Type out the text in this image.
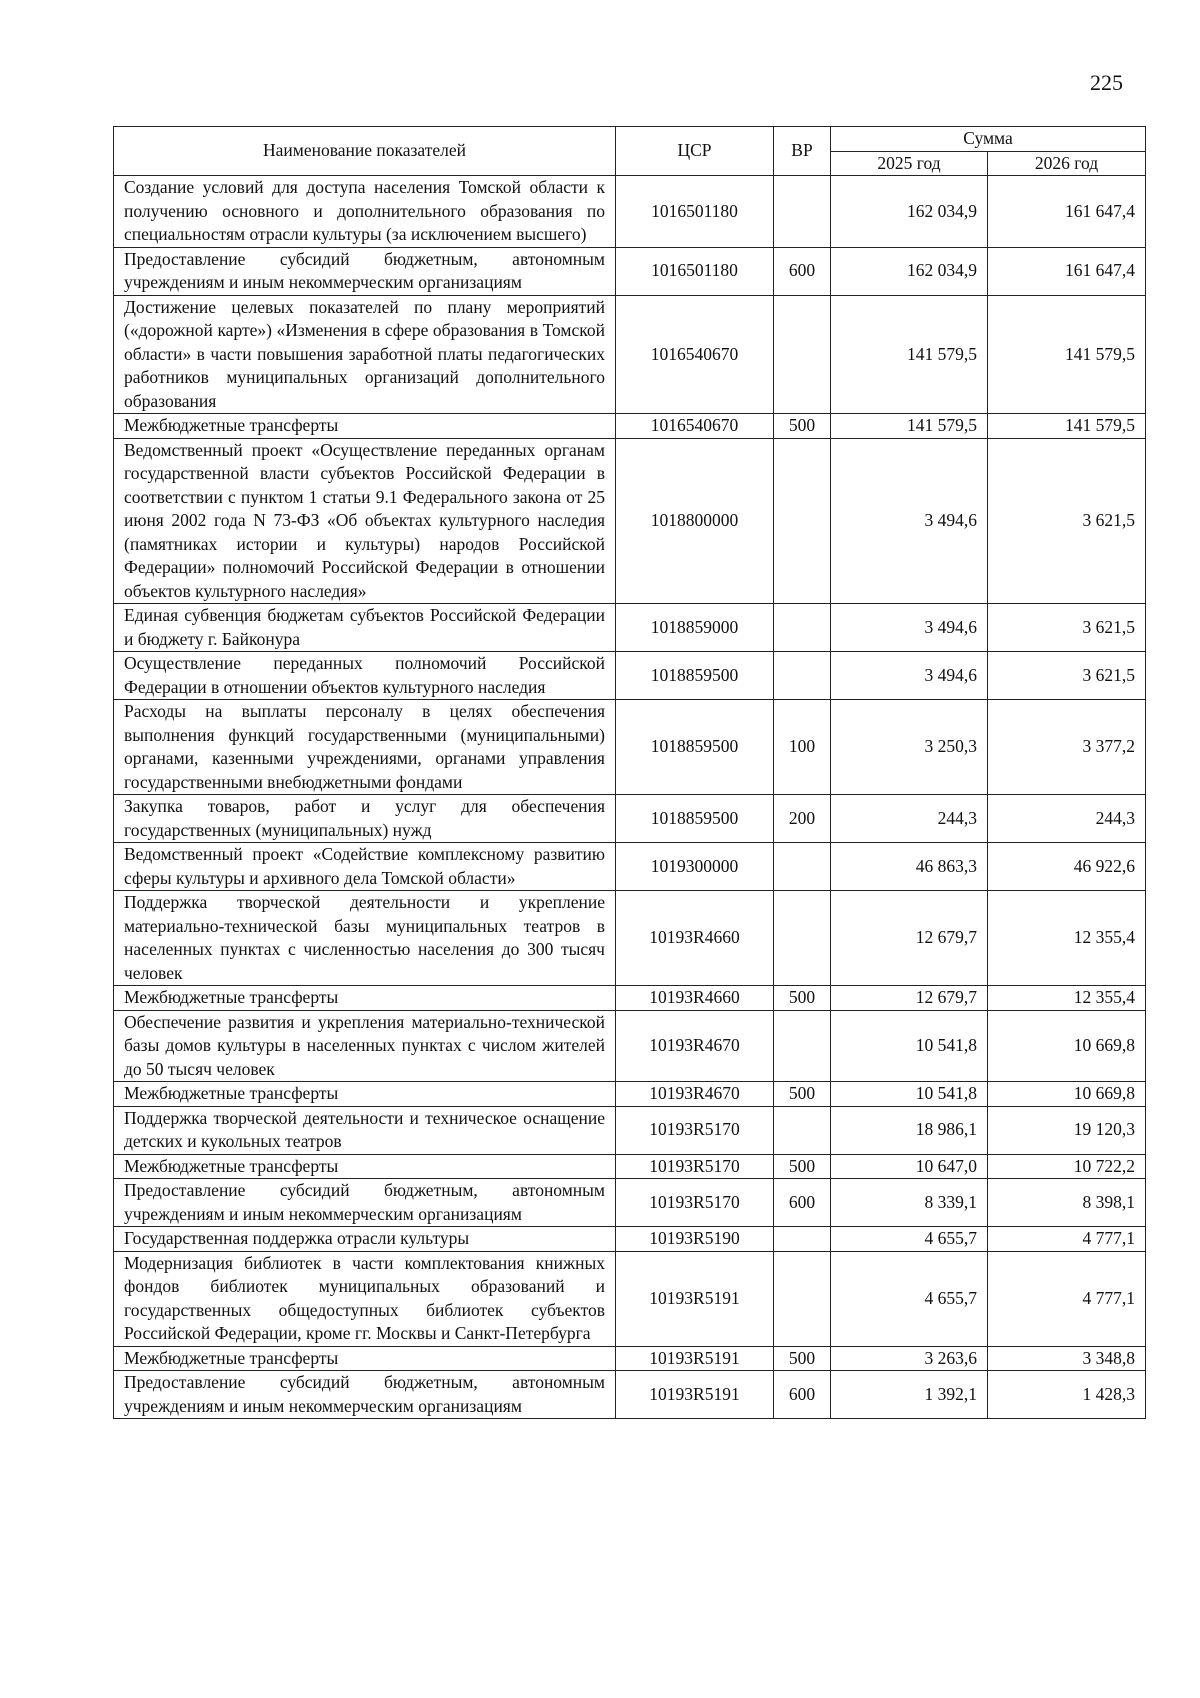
225
Наименование показателей	ЦСР	ВР	Сумма	
			2025 год	2026 год
Создание условий для доступа населения Томской области к получению основного и дополнительного образования по специальностям отрасли культуры (за исключением высшего)	1016501180		162 034,9	161 647,4
Предоставление субсидий бюджетным, автономным учреждениям и иным некоммерческим организациям	1016501180	600	162 034,9	161 647,4
Достижение целевых показателей по плану мероприятий («дорожной карте») «Изменения в сфере образования в Томской области» в части повышения заработной платы педагогических работников муниципальных организаций дополнительного образования	1016540670		141 579,5	141 579,5
Межбюджетные трансферты	1016540670	500	141 579,5	141 579,5
Ведомственный проект «Осуществление переданных органам государственной власти субъектов Российской Федерации в соответствии с пунктом 1 статьи 9.1 Федерального закона от 25 июня 2002 года N 73-ФЗ «Об объектах культурного наследия (памятниках истории и культуры) народов Российской Федерации» полномочий Российской Федерации в отношении объектов культурного наследия»	1018800000		3 494,6	3 621,5
Единая субвенция бюджетам субъектов Российской Федерации и бюджету г. Байконура	1018859000		3 494,6	3 621,5
Осуществление переданных полномочий Российской Федерации в отношении объектов культурного наследия	1018859500		3 494,6	3 621,5
Расходы на выплаты персоналу в целях обеспечения выполнения функций государственными (муниципальными) органами, казенными учреждениями, органами управления государственными внебюджетными фондами	1018859500	100	3 250,3	3 377,2
Закупка товаров, работ и услуг для обеспечения государственных (муниципальных) нужд	1018859500	200	244,3	244,3
Ведомственный проект «Содействие комплексному развитию сферы культуры и архивного дела Томской области»	1019300000		46 863,3	46 922,6
Поддержка творческой деятельности и укрепление материально-технической базы муниципальных театров в населенных пунктах с численностью населения до 300 тысяч человек	10193R4660		12 679,7	12 355,4
Межбюджетные трансферты	10193R4660	500	12 679,7	12 355,4
Обеспечение развития и укрепления материально-технической базы домов культуры в населенных пунктах с числом жителей до 50 тысяч человек	10193R4670		10 541,8	10 669,8
Межбюджетные трансферты	10193R4670	500	10 541,8	10 669,8
Поддержка творческой деятельности и техническое оснащение детских и кукольных театров	10193R5170		18 986,1	19 120,3
Межбюджетные трансферты	10193R5170	500	10 647,0	10 722,2
Предоставление субсидий бюджетным, автономным учреждениям и иным некоммерческим организациям	10193R5170	600	8 339,1	8 398,1
Государственная поддержка отрасли культуры	10193R5190		4 655,7	4 777,1
Модернизация библиотек в части комплектования книжных фондов библиотек муниципальных образований и государственных общедоступных библиотек субъектов Российской Федерации, кроме гг. Москвы и Санкт-Петербурга	10193R5191		4 655,7	4 777,1
Межбюджетные трансферты	10193R5191	500	3 263,6	3 348,8
Предоставление субсидий бюджетным, автономным учреждениям и иным некоммерческим организациям	10193R5191	600	1 392,1	1 428,3
